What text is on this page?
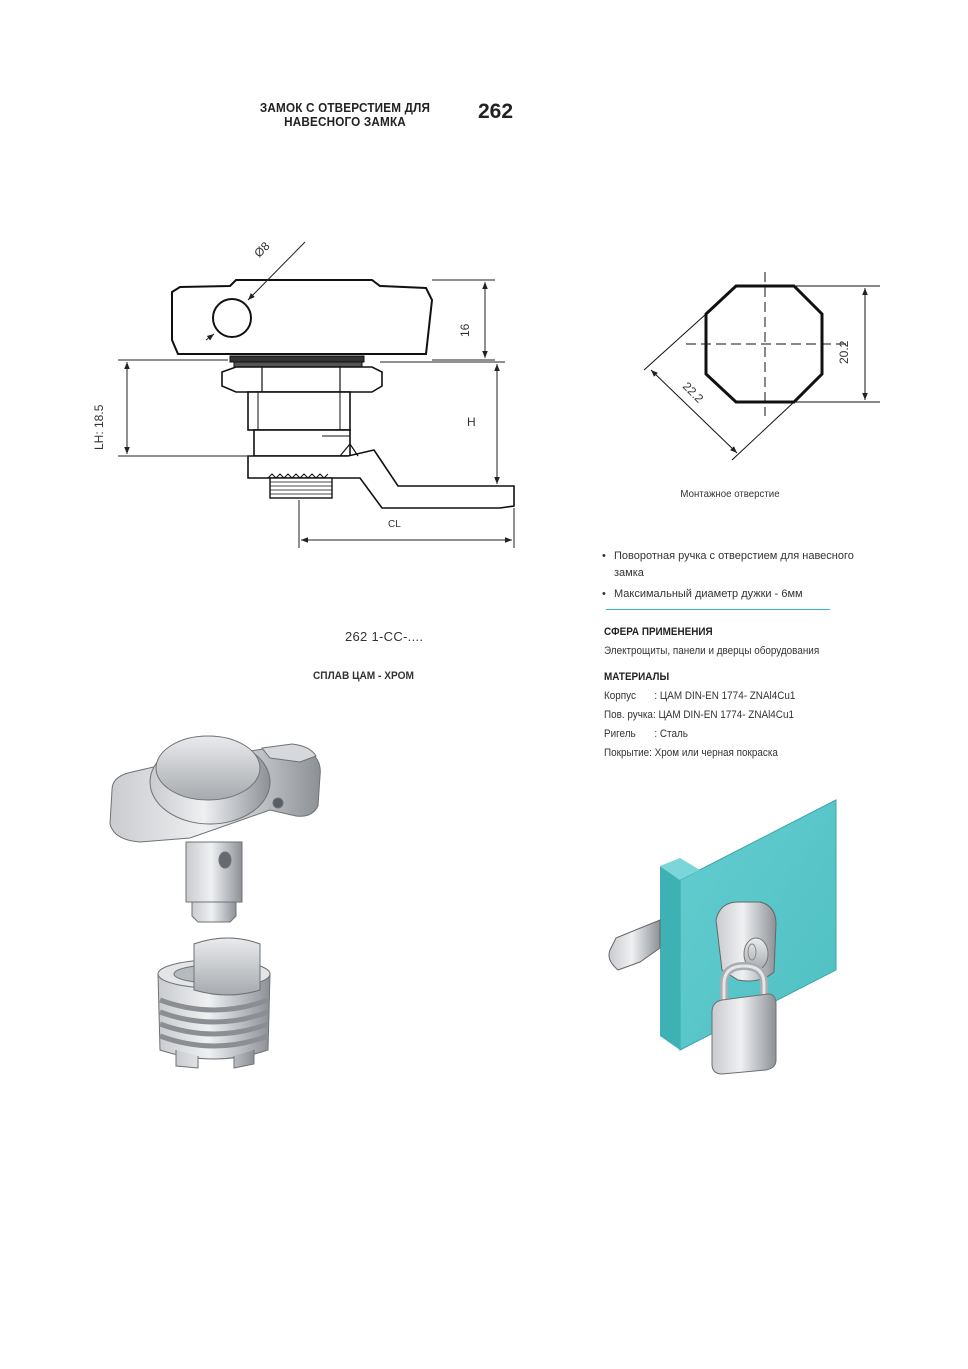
ЗАМОК С ОТВЕРСТИЕМ ДЛЯ
НАВЕСНОГО ЗАМКА	262
Ø8
16
H
LH: 18.5
CL
20.2
22.2
Монтажное отверстие
• Поворотная ручка с отверстием для навесного замка
• Максимальный диаметр дужки - 6мм
262 1-CC-....
СПЛАВ ЦАМ - ХРОМ
СФЕРА ПРИМЕНЕНИЯ
Электрощиты, панели и дверцы оборудования
МАТЕРИАЛЫ
Корпус : ЦАМ DIN-EN 1774- ZNAl4Cu1
Пов. ручка: ЦАМ DIN-EN 1774- ZNAl4Cu1
Ригель : Сталь
Покрытие: Хром или черная покраска
